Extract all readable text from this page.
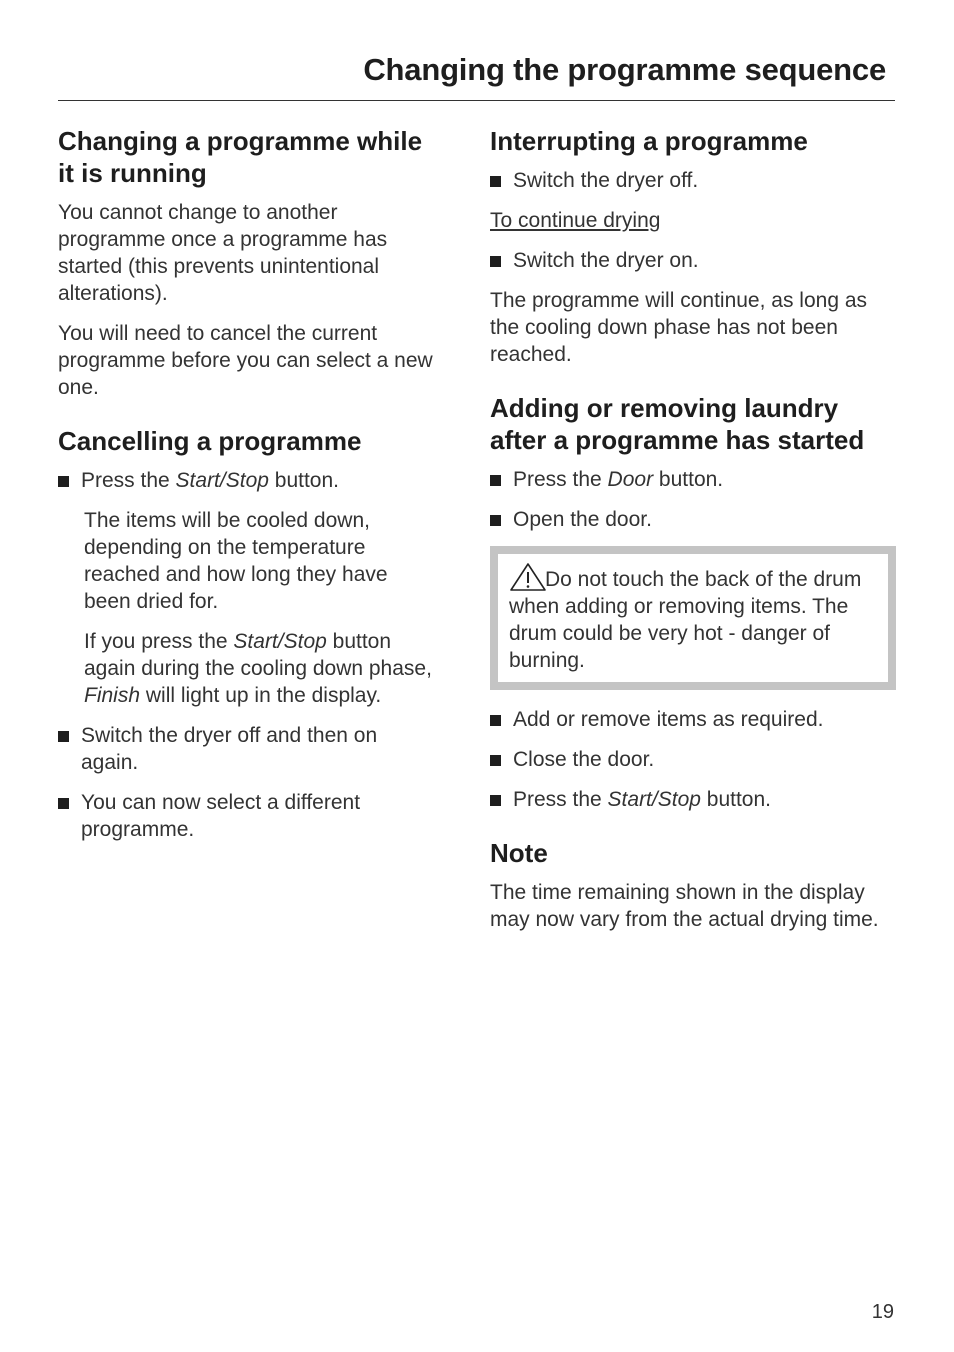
Changing the programme sequence
Changing a programme while it is running

You cannot change to another programme once a programme has started (this prevents unintentional alterations).

You will need to cancel the current programme before you can select a new one.

Cancelling a programme
Press the Start/Stop button.

The items will be cooled down, depending on the temperature reached and how long they have been dried for.

If you press the Start/Stop button again during the cooling down phase, Finish will light up in the display.

Switch the dryer off and then on again.
You can now select a different programme.
Interrupting a programme
Switch the dryer off.

To continue drying

Switch the dryer on.

The programme will continue, as long as the cooling down phase has not been reached.

Adding or removing laundry after a programme has started
Press the Door button.
Open the door.
Do not touch the back of the drum when adding or removing items. The drum could be very hot - danger of burning.
Add or remove items as required.
Close the door.
Press the Start/Stop button.
Note

The time remaining shown in the display may now vary from the actual drying time.

19
